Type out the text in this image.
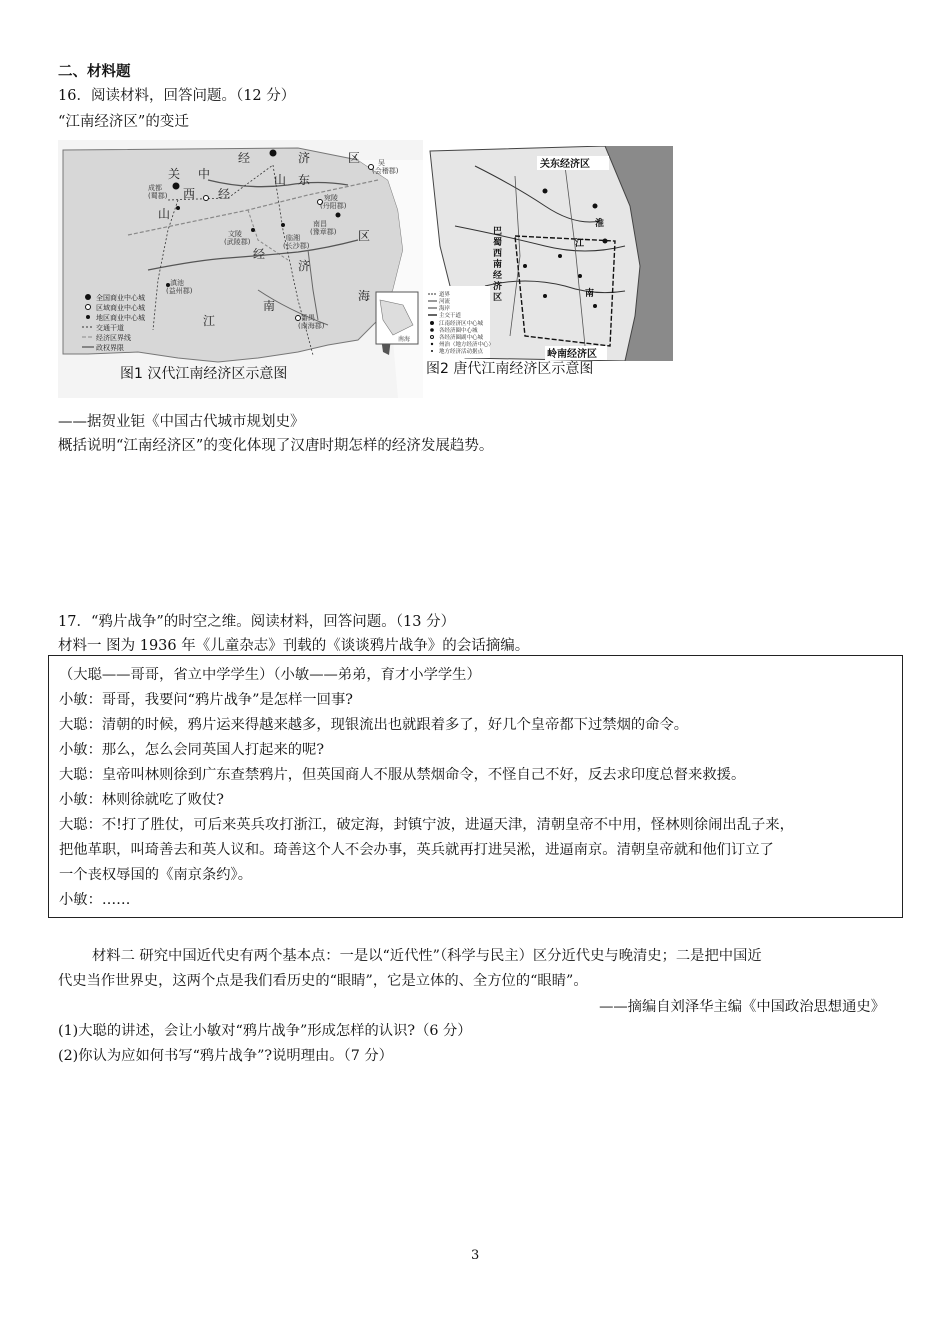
二、材料题
16．阅读材料，回答问题。（12 分）
“江南经济区”的变迁
经	济	区
山 东
关 中
西
山
经
经
济
区
南
江
海
吴
(会稽郡)
宛陵
(丹阳郡)
成都
(蜀郡)
南昌
(豫章郡)
文陵
(武陵郡)	临湘
(长沙郡)
滇池
(益州郡)
番禺
(南海郡)
全国商业中心城
区域商业中心城
地区商业中心城
交通干道
经济区界线
政权界限
南海
图1 汉代江南经济区示意图
关东经济区
巴
蜀
西
南
经
济
区
江
淮
南
岭南经济区
道界
河流
海岸
主交干道
江南经济区中心城
各经济圈中心城
各经济圈副中心城
州治（地方经济中心）
地方经济活动据点
图2 唐代江南经济区示意图
——据贺业钜《中国古代城市规划史》
概括说明“江南经济区”的变化体现了汉唐时期怎样的经济发展趋势。
17．“鸦片战争”的时空之维。阅读材料，回答问题。（13 分）
材料一 图为 1936 年《儿童杂志》刊载的《谈谈鸦片战争》的会话摘编。
（大聪——哥哥，省立中学学生）（小敏——弟弟，育才小学学生）
小敏：哥哥，我要问“鸦片战争”是怎样一回事?
大聪：清朝的时候，鸦片运来得越来越多，现银流出也就跟着多了，好几个皇帝都下过禁烟的命令。
小敏：那么，怎么会同英国人打起来的呢?
大聪：皇帝叫林则徐到广东查禁鸦片，但英国商人不服从禁烟命令，不怪自己不好，反去求印度总督来救援。
小敏：林则徐就吃了败仗?
大聪：不!打了胜仗，可后来英兵攻打浙江，破定海，封镇宁波，进逼天津，清朝皇帝不中用，怪林则徐闹出乱子来，
把他革职，叫琦善去和英人议和。琦善这个人不会办事，英兵就再打进吴淞，进逼南京。清朝皇帝就和他们订立了
一个丧权辱国的《南京条约》。
小敏：……
材料二 研究中国近代史有两个基本点：一是以“近代性”（科学与民主）区分近代史与晚清史；二是把中国近
代史当作世界史，这两个点是我们看历史的“眼睛”，它是立体的、全方位的“眼睛”。
——摘编自刘泽华主编《中国政治思想通史》
(1)大聪的讲述，会让小敏对“鸦片战争”形成怎样的认识?（6 分）
(2)你认为应如何书写“鸦片战争”?说明理由。（7 分）
3
